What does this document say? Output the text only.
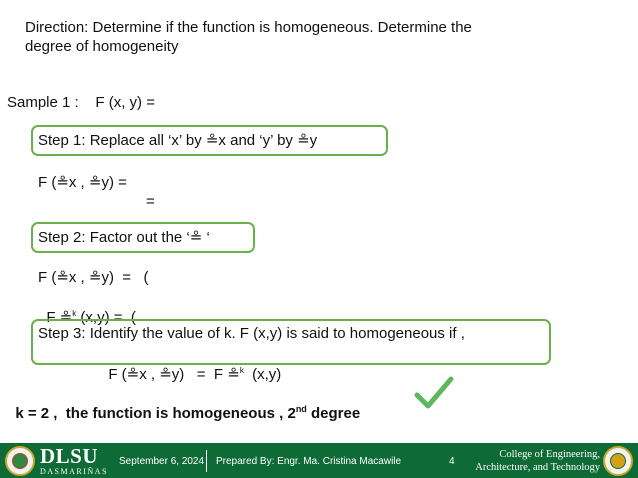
Direction: Determine if the function is homogeneous. Determine the
degree of homogeneity
Sample 1 :    F (x, y) =
Step 1: Replace all ‘x’ by ≗x and ‘y’ by ≗y
F (≗x , ≗y) =
=
Step 2: Factor out the ‘≗ ‘
F (≗x , ≗y)  =   (

F ≗$^k$ (x,y) =  (

Step 3: Identify the value of k. F (x,y) is said to homogeneous if ,

F (≗x , ≗y)   =  F ≗$^k$  (x,y)

k = 2 ,  the function is homogeneous , 2nd degree

DLSU
DASMARIÑAS
September 6, 2024 Prepared By: Engr. Ma. Cristina Macawile	4
College of Engineering,
Architecture, and Technology
